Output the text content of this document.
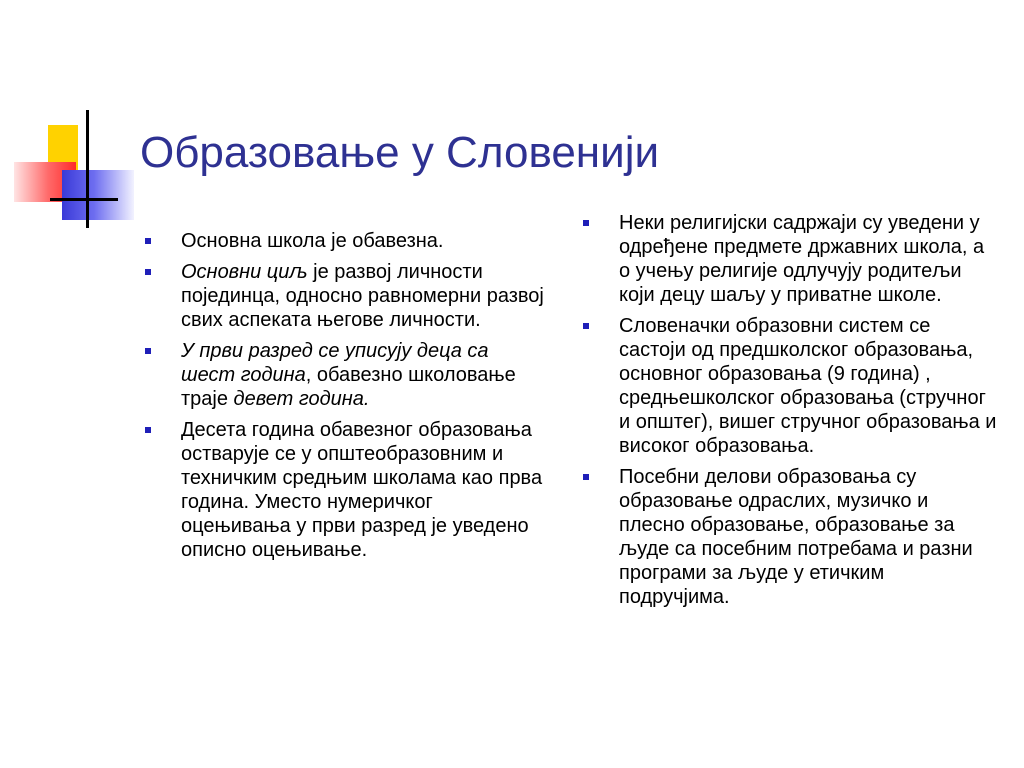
Образовање у Словенији
Основна школа је обавезна.
Основни циљ је развој личности појединца, односно равномерни развој свих аспеката његове личности.
У први разред се уписују деца са шест година, обавезно школовање траје девет година.
Десета година обавезног образовања остварује се у општеобразовним и техничким средњим школама као прва година. Уместо нумеричког оцењивања у први разред је уведено описно оцењивање.
Неки религијски садржаји су уведени у одређене предмете државних школа, а о учењу религије одлучују родитељи који децу шаљу у приватне школе.
Словеначки образовни систем се састоји од предшколског образовања, основног образовања (9 година) , средњешколског образовања (стручног и општег), вишег стручног образовања и високог образовања.
Посебни делови образовања су образовање одраслих, музичко и плесно образовање, образовање за људе са посебним потребама и разни програми за људе у етичким подручјима.
